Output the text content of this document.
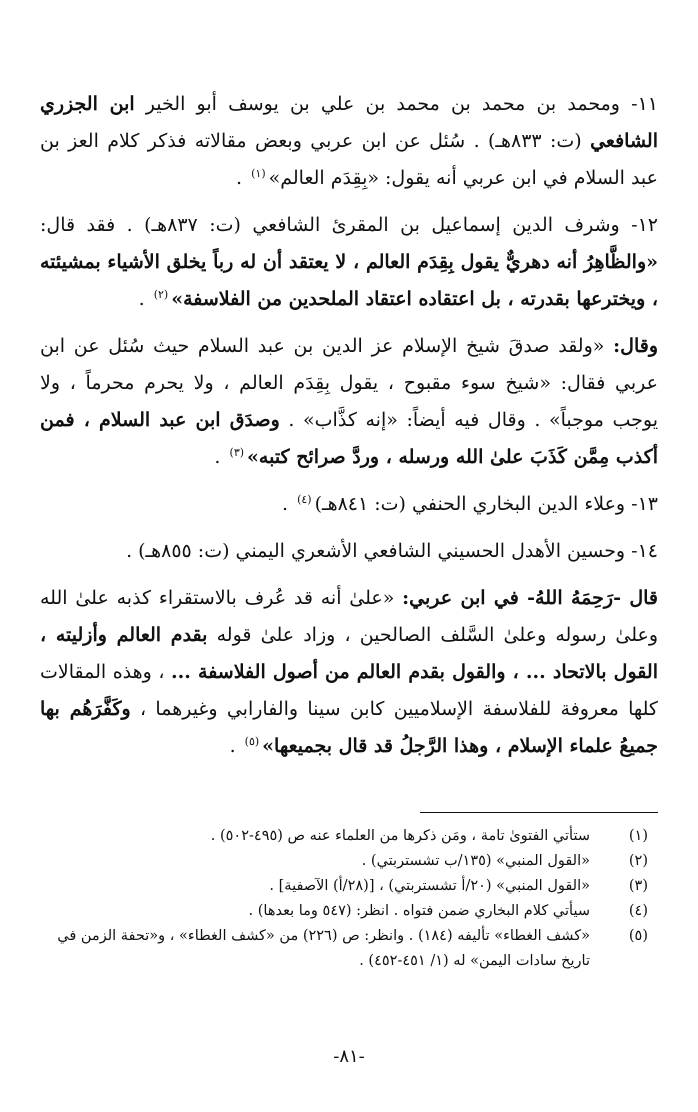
١١- ومحمد بن محمد بن محمد بن علي بن يوسف أبو الخير ابن الجزري الشافعي (ت: ٨٣٣هـ) . سُئل عن ابن عربي وبعض مقالاته فذكر كلام العز بن عبد السلام في ابن عربي أنه يقول: «بِقِدَم العالم»$^{(١)}$ .

١٢- وشرف الدين إسماعيل بن المقرئ الشافعي (ت: ٨٣٧هـ) . فقد قال: «والظَّاهِرُ أنه دهريٌّ يقول بِقِدَم العالم ، لا يعتقد أن له رباً يخلق الأشياء بمشيئته ، ويخترعها بقدرته ، بل اعتقاده اعتقاد الملحدين من الفلاسفة»$^{(٢)}$ .

وقال: «ولقد صدقَ شيخ الإسلام عز الدين بن عبد السلام حيث سُئل عن ابن عربي فقال: «شيخ سوء مقبوح ، يقول بِقِدَم العالم ، ولا يحرم محرماً ، ولا يوجب موجباً» . وقال فيه أيضاً: «إنه كذَّاب» . وصدَق ابن عبد السلام ، فمن أكذب مِمَّن كَذَبَ علىٰ الله ورسله ، وردَّ صرائح كتبه»$^{(٣)}$ .

١٣- وعلاء الدين البخاري الحنفي (ت: ٨٤١هـ)$^{(٤)}$ .

١٤- وحسين الأهدل الحسيني الشافعي الأشعري اليمني (ت: ٨٥٥هـ) .

قال -رَحِمَهُ اللهُ- في ابن عربي: «علىٰ أنه قد عُرف بالاستقراء كذبه علىٰ الله وعلىٰ رسوله وعلىٰ السَّلف الصالحين ، وزاد علىٰ قوله بقدم العالم وأزليته ، القول بالاتحاد ... ، والقول بقدم العالم من أصول الفلاسفة ... ، وهذه المقالات كلها معروفة للفلاسفة الإسلاميين كابن سينا والفارابي وغيرهما ، وكَفَّرَهُم بها جميعُ علماء الإسلام ، وهذا الرَّجلُ قد قال بجميعها»$^{(٥)}$ .

(١)
ستأتي الفتوىٰ تامة ، ومَن ذكرها من العلماء عنه ص (٤٩٥-٥٠٢) .
(٢)
«القول المنبي» (١٣٥/ب تشستربتي) .
(٣)
«القول المنبي» (٢٠/أ تشستربتي) ، [(٢٨/أ) الآصفية] .
(٤)
سيأتي كلام البخاري ضمن فتواه . انظر: (٥٤٧ وما بعدها) .
(٥)
«كشف الغطاء» تأليفه (١٨٤) . وانظر: ص (٢٢٦) من «كشف الغطاء» ، و«تحفة الزمن في تاريخ سادات اليمن» له (١/ ٤٥١-٤٥٢) .
-٨١-
